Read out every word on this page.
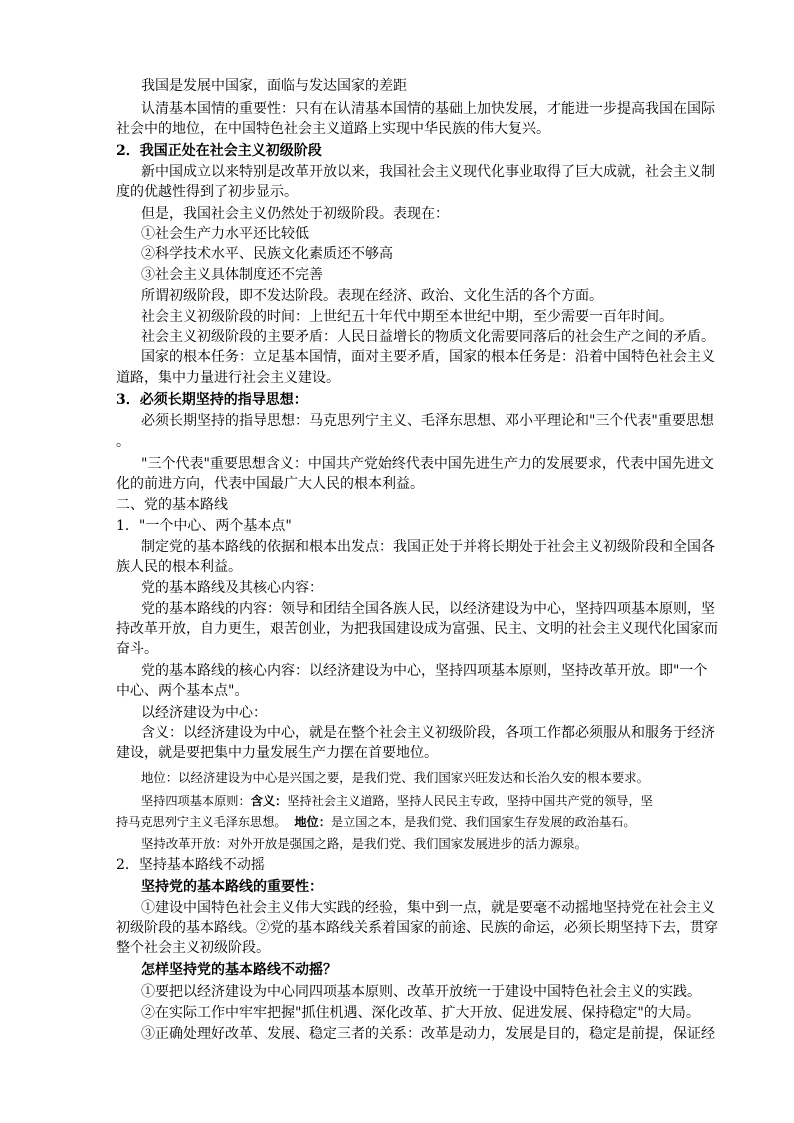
我国是发展中国家，面临与发达国家的差距
认清基本国情的重要性：只有在认清基本国情的基础上加快发展，才能进一步提高我国在国际
社会中的地位，在中国特色社会主义道路上实现中华民族的伟大复兴。
2．我国正处在社会主义初级阶段
新中国成立以来特别是改革开放以来，我国社会主义现代化事业取得了巨大成就，社会主义制
度的优越性得到了初步显示。
但是，我国社会主义仍然处于初级阶段。表现在：
①社会生产力水平还比较低
②科学技术水平、民族文化素质还不够高
③社会主义具体制度还不完善
所谓初级阶段，即不发达阶段。表现在经济、政治、文化生活的各个方面。
社会主义初级阶段的时间：上世纪五十年代中期至本世纪中期，至少需要一百年时间。
社会主义初级阶段的主要矛盾：人民日益增长的物质文化需要同落后的社会生产之间的矛盾。
国家的根本任务：立足基本国情，面对主要矛盾，国家的根本任务是：沿着中国特色社会主义
道路，集中力量进行社会主义建设。
3．必须长期坚持的指导思想：
必须长期坚持的指导思想：马克思列宁主义、毛泽东思想、邓小平理论和"三个代表"重要思想
。
"三个代表"重要思想含义：中国共产党始终代表中国先进生产力的发展要求，代表中国先进文
化的前进方向，代表中国最广大人民的根本利益。
二、党的基本路线
1．"一个中心、两个基本点"
制定党的基本路线的依据和根本出发点：我国正处于并将长期处于社会主义初级阶段和全国各
族人民的根本利益。
党的基本路线及其核心内容：
党的基本路线的内容：领导和团结全国各族人民，以经济建设为中心，坚持四项基本原则，坚
持改革开放，自力更生，艰苦创业，为把我国建设成为富强、民主、文明的社会主义现代化国家而
奋斗。
党的基本路线的核心内容：以经济建设为中心，坚持四项基本原则，坚持改革开放。即"一个
中心、两个基本点"。
以经济建设为中心：
含义：以经济建设为中心，就是在整个社会主义初级阶段，各项工作都必须服从和服务于经济
建设，就是要把集中力量发展生产力摆在首要地位。
地位：以经济建设为中心是兴国之要，是我们党、我们国家兴旺发达和长治久安的根本要求。
坚持四项基本原则：含义：坚持社会主义道路，坚持人民民主专政，坚持中国共产党的领导，坚
持马克思列宁主义毛泽东思想。 地位：是立国之本，是我们党、我们国家生存发展的政治基石。
坚持改革开放：对外开放是强国之路，是我们党、我们国家发展进步的活力源泉。
2．坚持基本路线不动摇
坚持党的基本路线的重要性：
①建设中国特色社会主义伟大实践的经验，集中到一点，就是要毫不动摇地坚持党在社会主义
初级阶段的基本路线。②党的基本路线关系着国家的前途、民族的命运，必须长期坚持下去，贯穿
整个社会主义初级阶段。
怎样坚持党的基本路线不动摇？
①要把以经济建设为中心同四项基本原则、改革开放统一于建设中国特色社会主义的实践。
②在实际工作中牢牢把握"抓住机遇、深化改革、扩大开放、促进发展、保持稳定"的大局。
③正确处理好改革、发展、稳定三者的关系：改革是动力，发展是目的，稳定是前提，保证经
